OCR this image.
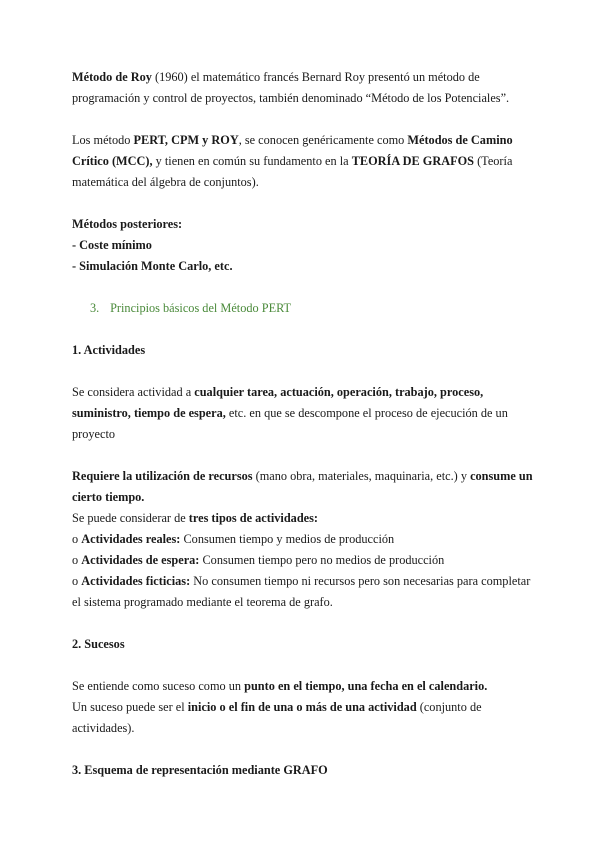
Método de Roy (1960) el matemático francés Bernard Roy presentó un método de programación y control de proyectos, también denominado “Método de los Potenciales”.

Los método PERT, CPM y ROY, se conocen genéricamente como Métodos de Camino Crítico (MCC), y tienen en común su fundamento en la TEORÍA DE GRAFOS (Teoría matemática del álgebra de conjuntos).

Métodos posteriores:

- Coste mínimo

- Simulación Monte Carlo, etc.

3. Principios básicos del Método PERT

1. Actividades

Se considera actividad a cualquier tarea, actuación, operación, trabajo, proceso, suministro, tiempo de espera, etc. en que se descompone el proceso de ejecución de un proyecto

Requiere la utilización de recursos (mano obra, materiales, maquinaria, etc.) y consume un cierto tiempo.

Se puede considerar de tres tipos de actividades:

o Actividades reales: Consumen tiempo y medios de producción

o Actividades de espera: Consumen tiempo pero no medios de producción

o Actividades ficticias: No consumen tiempo ni recursos pero son necesarias para completar el sistema programado mediante el teorema de grafo.

2. Sucesos

Se entiende como suceso como un punto en el tiempo, una fecha en el calendario.

Un suceso puede ser el inicio o el fin de una o más de una actividad (conjunto de actividades).

3. Esquema de representación mediante GRAFO
